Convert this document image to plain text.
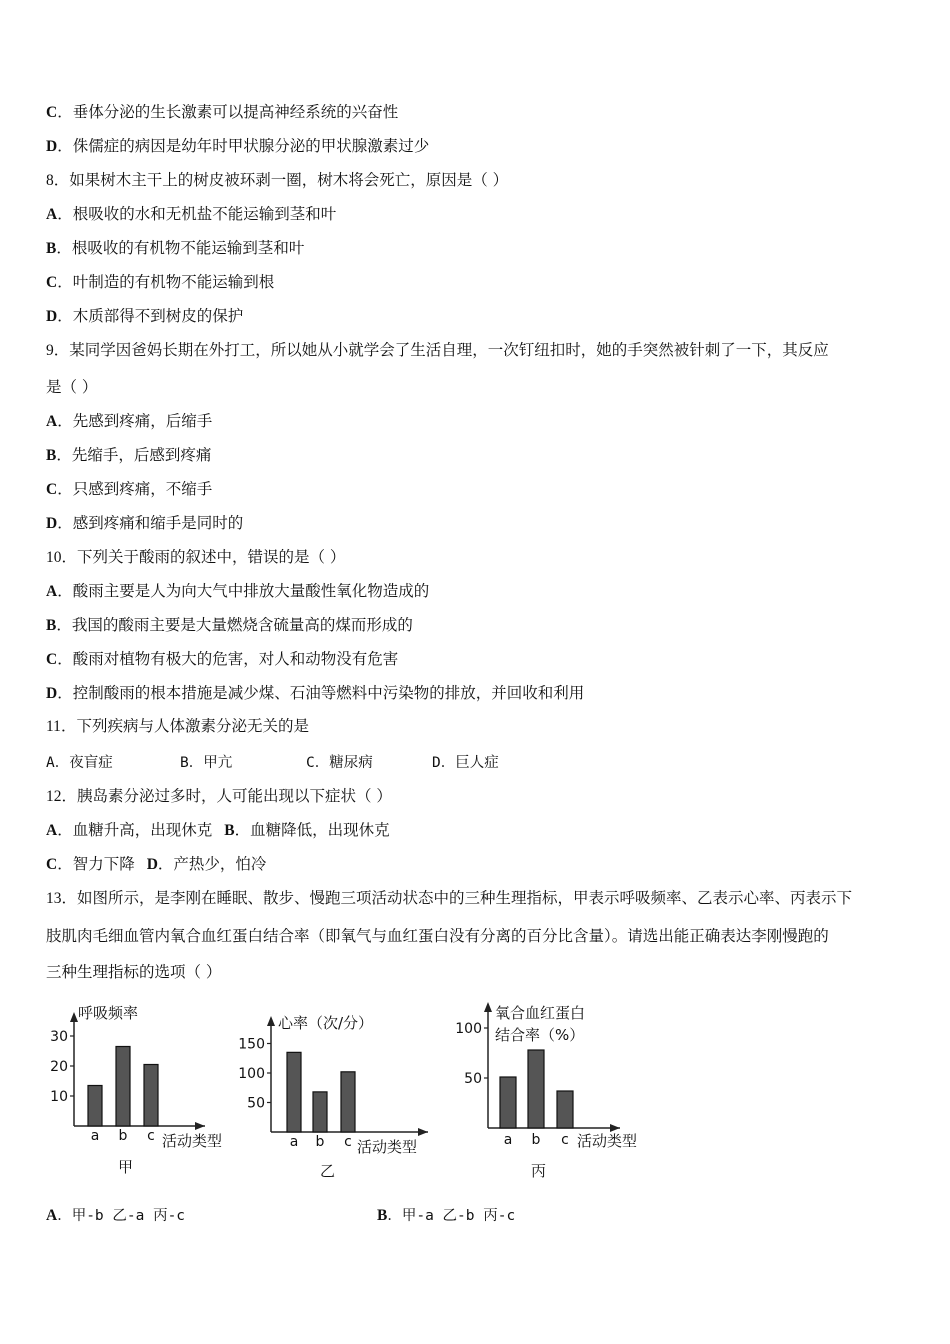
C．垂体分泌的生长激素可以提高神经系统的兴奋性
D．侏儒症的病因是幼年时甲状腺分泌的甲状腺激素过少
8．如果树木主干上的树皮被环剥一圈，树木将会死亡，原因是（ ）
A．根吸收的水和无机盐不能运输到茎和叶
B．根吸收的有机物不能运输到茎和叶
C．叶制造的有机物不能运输到根
D．木质部得不到树皮的保护
9．某同学因爸妈长期在外打工，所以她从小就学会了生活自理，一次钉纽扣时，她的手突然被针刺了一下，其反应
是（ ）
A．先感到疼痛，后缩手
B．先缩手，后感到疼痛
C．只感到疼痛，不缩手
D．感到疼痛和缩手是同时的
10．下列关于酸雨的叙述中，错误的是（ ）
A．酸雨主要是人为向大气中排放大量酸性氧化物造成的
B．我国的酸雨主要是大量燃烧含硫量高的煤而形成的
C．酸雨对植物有极大的危害，对人和动物没有危害
D．控制酸雨的根本措施是减少煤、石油等燃料中污染物的排放，并回收和利用
11．下列疾病与人体激素分泌无关的是
A．夜盲症	B．甲亢	C．糖尿病	D．巨人症
12．胰岛素分泌过多时，人可能出现以下症状（ ）
A．血糖升高，出现休克 B．血糖降低，出现休克
C．智力下降 D．产热少，怕冷
13．如图所示，是李刚在睡眠、散步、慢跑三项活动状态中的三种生理指标，甲表示呼吸频率、乙表示心率、丙表示下
肢肌肉毛细血管内氧合血红蛋白结合率（即氧气与血红蛋白没有分离的百分比含量）。请选出能正确表达李刚慢跑的
三种生理指标的选项（ ）
10
20
30
a b c
呼吸频率
活动类型
甲
50
100
150
a b c
心率（次/分）
活动类型
乙
50
100
a b c
氧合血红蛋白
结合率（%）
活动类型
丙
A．甲-b 乙-a 丙-c	B．甲-a 乙-b 丙-c
